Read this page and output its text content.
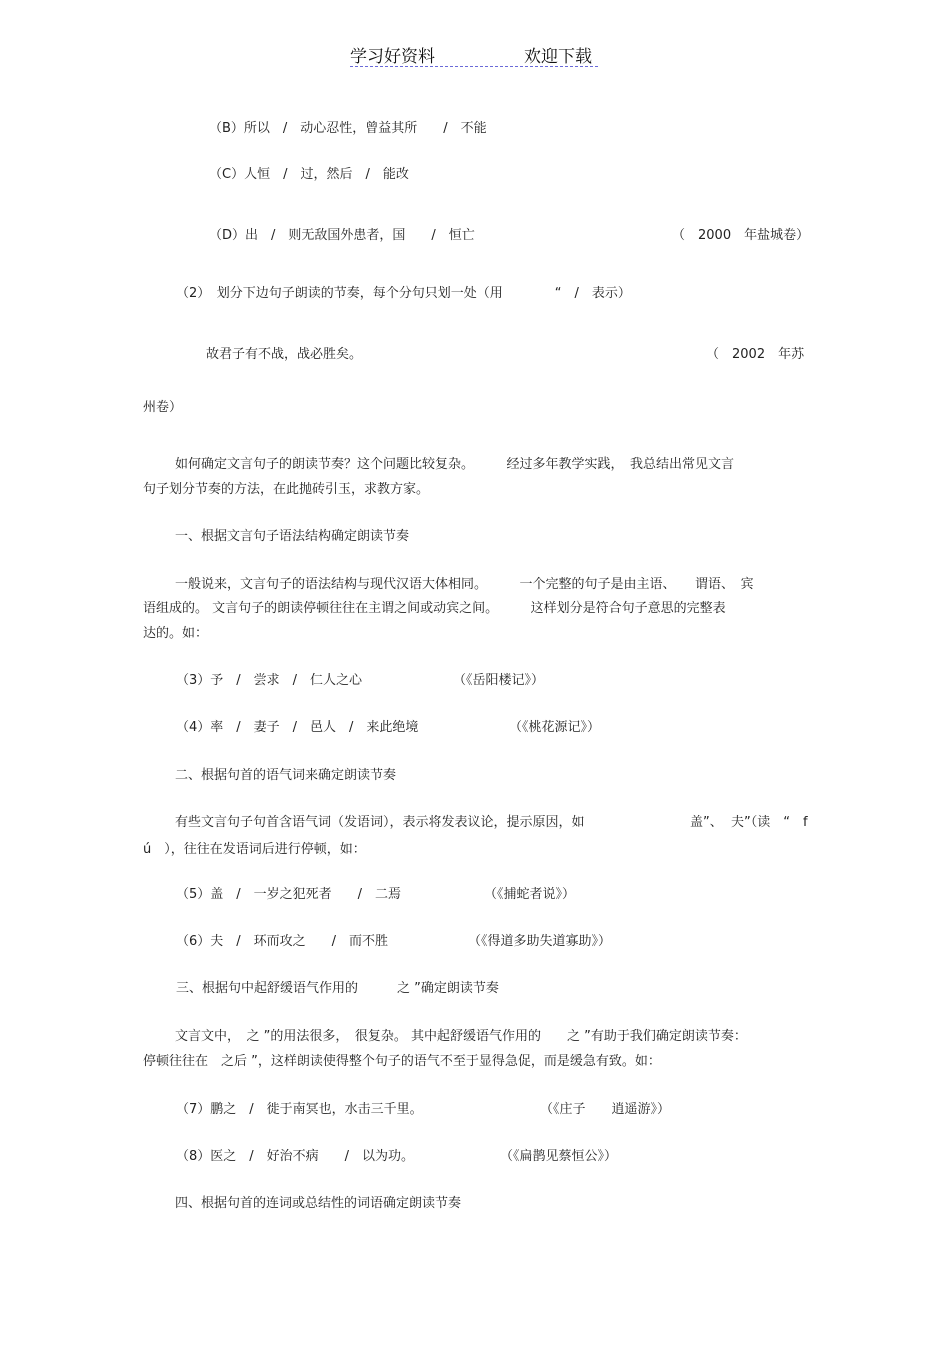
学习好资料	欢迎下载
（B）所以　/　动心忍性，曾益其所　　/　不能
（C）人恒　/　过，然后　/　能改
（D）出　/　则无敌国外患者，国　　/　恒亡	（　2000　年盐城卷）
（2）　划分下边句子朗读的节奏，每个分句只划一处（用　　　　“　/　表示）
故君子有不战，战必胜矣。	（　2002　年苏
州卷）
如何确定文言句子的朗读节奏？这个问题比较复杂。　　　经过多年教学实践，　我总结出常见文言
句子划分节奏的方法，在此抛砖引玉，求教方家。
一、根据文言句子语法结构确定朗读节奏
一般说来，文言句子的语法结构与现代汉语大体相同。　　　一个完整的句子是由主语、　　谓语、　宾
语组成的。 文言句子的朗读停顿往往在主谓之间或动宾之间。　　　这样划分是符合句子意思的完整表
达的。如：
（3）予　/　尝求　/　仁人之心	（《岳阳楼记》）
（4）率　/　妻子　/　邑人　/　来此绝境	（《桃花源记》）
二、根据句首的语气词来确定朗读节奏
有些文言句子句首含语气词（发语词），表示将发表议论，提示原因，如	盖”、  夫”（读　“　f
ú　），往往在发语词后进行停顿，如：
（5）盖　/　一岁之犯死者　　/　二焉	（《捕蛇者说》）
（6）夫　/　环而攻之　　/　而不胜	（《得道多助失道寡助》）
三、根据句中起舒缓语气作用的　　　之 ”确定朗读节奏
文言文中，　之 ”的用法很多，　很复杂。 其中起舒缓语气作用的　　之 ”有助于我们确定朗读节奏：
停顿往往在　之后 ”，这样朗读使得整个句子的语气不至于显得急促，而是缓急有致。如：
（7）鹏之　/　徙于南冥也，水击三千里。	（《庄子　　逍遥游》）
（8）医之　/　好治不病　　/　以为功。	（《扁鹊见蔡恒公》）
四、根据句首的连词或总结性的词语确定朗读节奏
